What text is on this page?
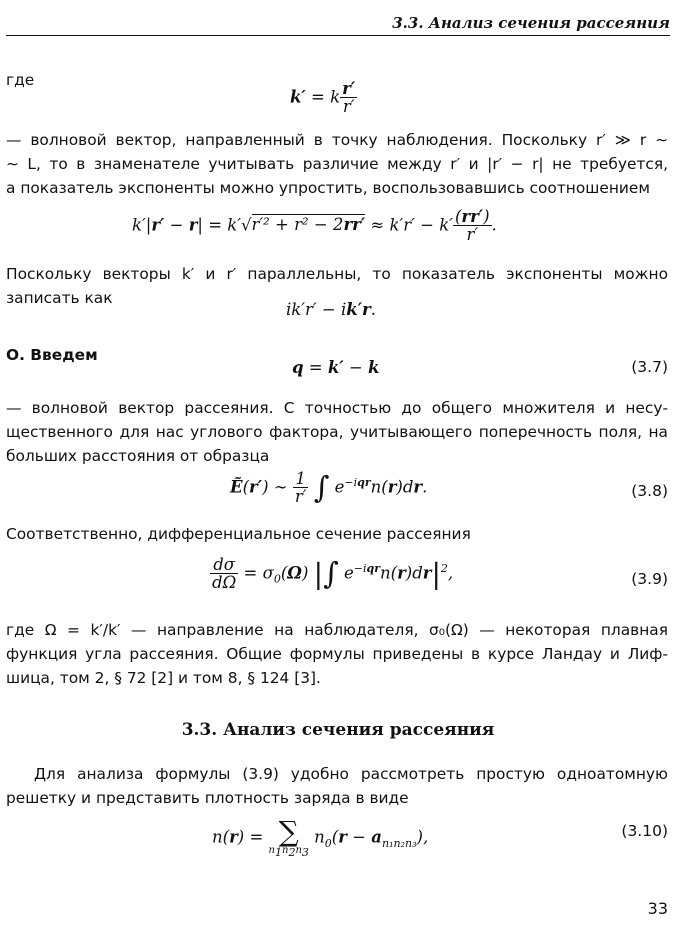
3.3. Анализ сечения рассеяния
где
k′ = k $\frac{r'}{r'}$
— волновой вектор, направленный в точку наблюдения. Поскольку r′ ≫ r ∼
∼ L, то в знаменателе учитывать различие между r′ и |r′ − r| не требуется,
а показатель экспоненты можно упростить, воспользовавшись соотношением
$k'|r' - r| = k'√r'^2 + r^2 - 2rr' \approx k'r' - k' \frac{(rr')}{r'}$ .
Поскольку векторы k′ и r′ параллельны, то показатель экспоненты можно
записать как
ik′r′ − ik′r.
О. Введем
q = k′ − k	(3.7)
— волновой вектор рассеяния. С точностью до общего множителя и несу-
щественного для нас углового фактора, учитывающего поперечность поля, на
больших расстояния от образца
Ẽ(r′) ∼ $\frac{1}{r'}$ ∫ $e^{-iqr}n(r)dr$.	(3.8)
Соответственно, дифференциальное сечение рассеяния
$\frac{d\sigma}{d\Omega} = \sigma_0(\Omega)$ |∫ $e^{-iqr}n(r)dr|^2$,	(3.9)
где Ω = k′/k′ — направление на наблюдателя, σ₀(Ω) — некоторая плавная
функция угла рассеяния. Общие формулы приведены в курсе Ландау и Лиф-
шица, том 2, § 72 [2] и том 8, § 124 [3].
3.3. Анализ сечения рассеяния
Для анализа формулы (3.9) удобно рассмотреть простую одноатомную
решетку и представить плотность заряда в виде
n(r) = ∑
$n_1n_2n_3$
$n_0(r - a_{n_1n_2n_3})$,	(3.10)
33
